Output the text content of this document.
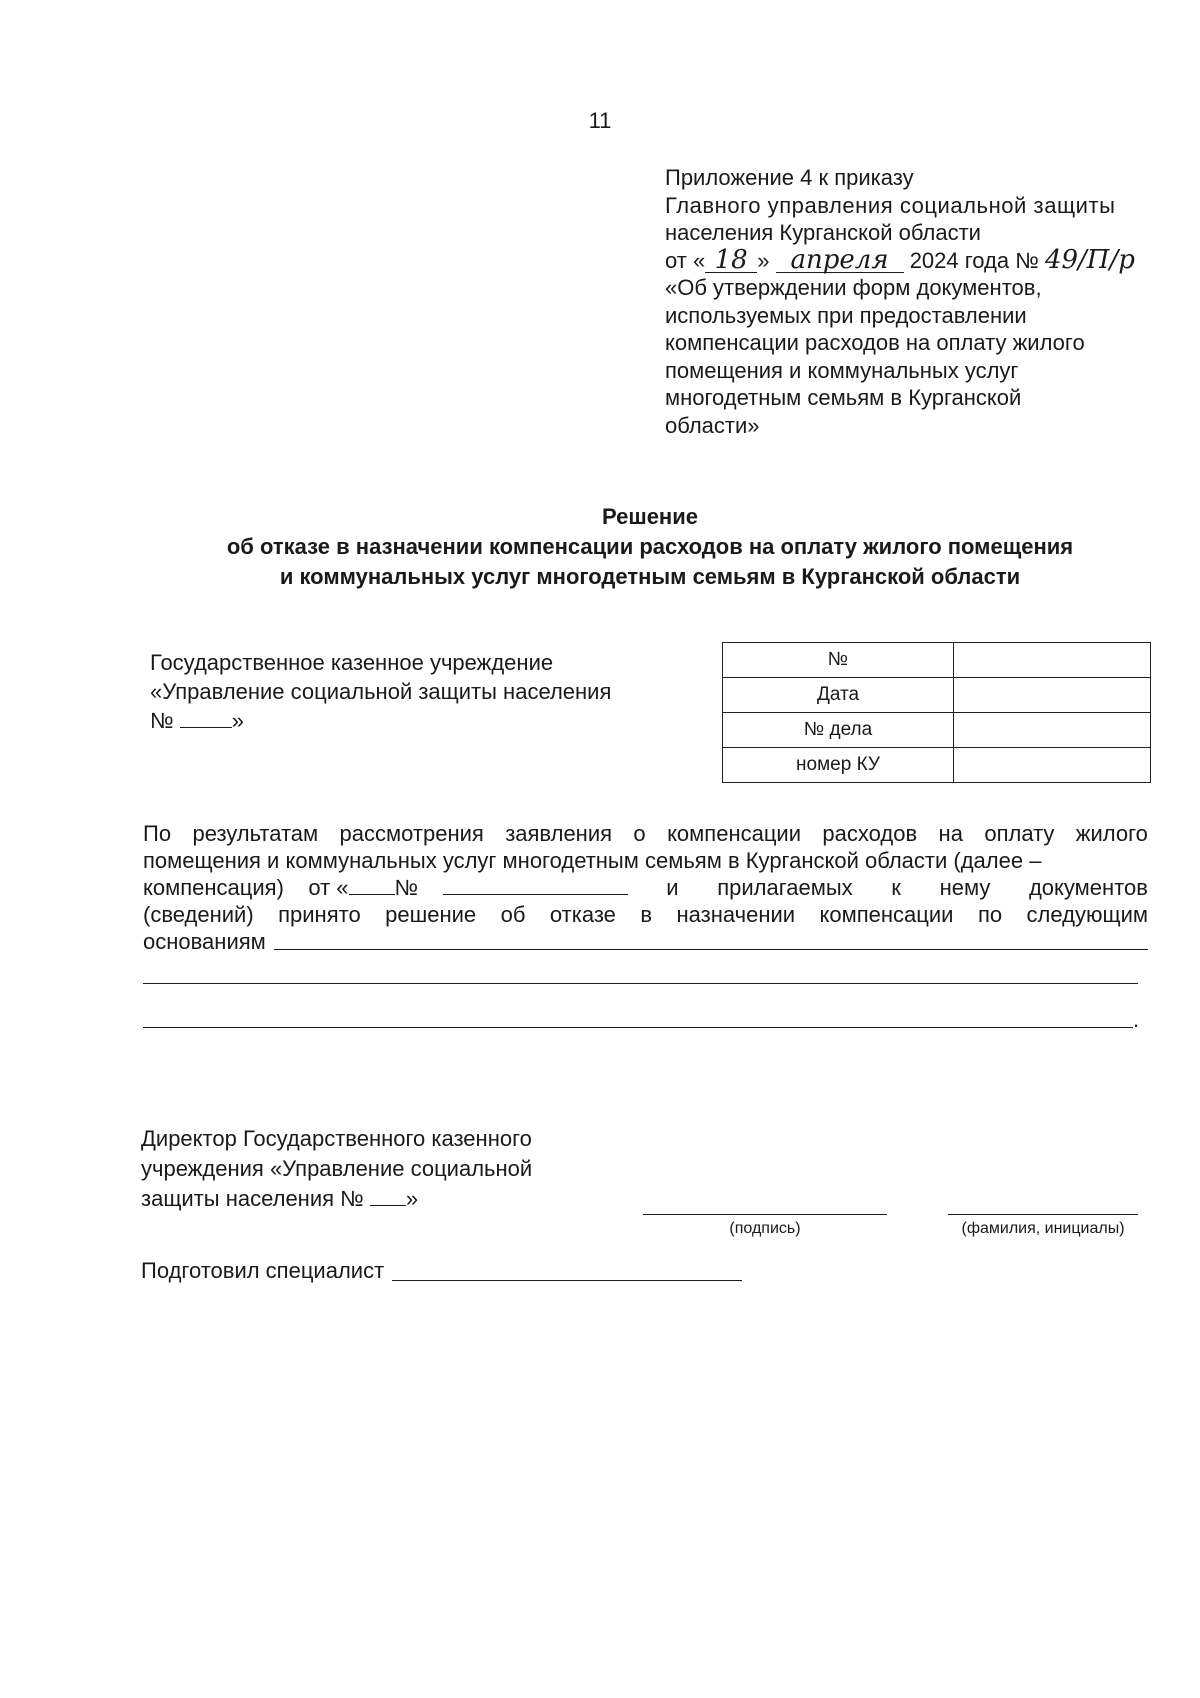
11
Приложение 4 к приказу
Главного управления социальной защиты
населения Курганской области
от « 18 » апреля 2024 года № 49/П/р
«Об утверждении форм документов,
используемых при предоставлении
компенсации расходов на оплату жилого
помещения и коммунальных услуг
многодетным семьям в Курганской
области»
Решение
об отказе в назначении компенсации расходов на оплату жилого помещения
и коммунальных услуг многодетным семьям в Курганской области
Государственное казенное учреждение
«Управление социальной защиты населения
№	»
№	
Дата	
№ дела	
номер КУ	
По результатам рассмотрения заявления о компенсации расходов на оплату жилого
помещения и коммунальных услуг многодетным семьям в Курганской области (далее –
компенсация) от « №	и прилагаемых к нему документов
(сведений) принято решение об отказе в назначении компенсации по следующим
основаниям
.
Директор Государственного казенного
учреждения «Управление социальной
защиты населения № »
(подпись)	(фамилия, инициалы)
Подготовил специалист
